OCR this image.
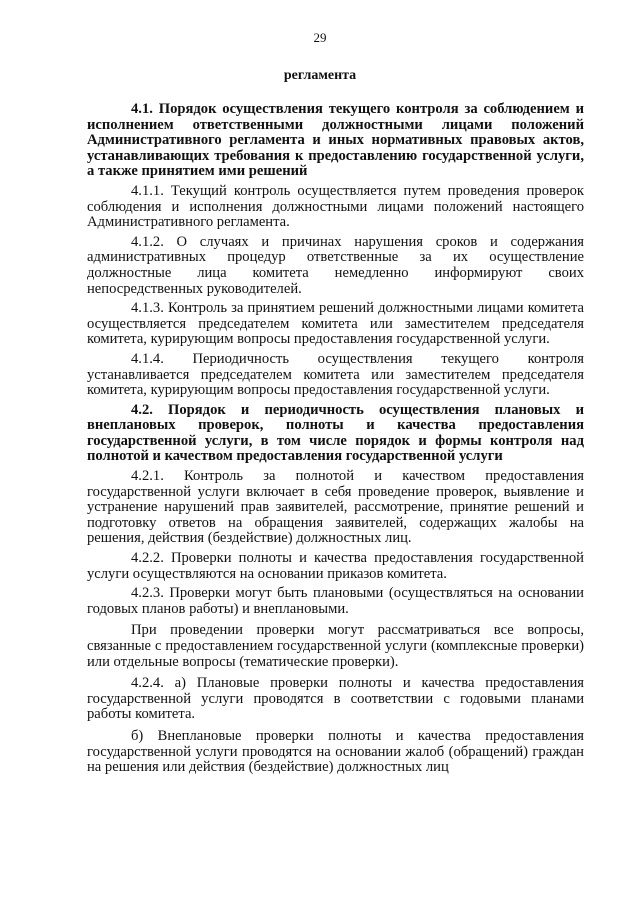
29
регламента

4.1. Порядок осуществления текущего контроля за соблюдением и исполнением ответственными должностными лицами положений Административного регламента и иных нормативных правовых актов, устанавливающих требования к предоставлению государственной услуги, а также принятием ими решений

4.1.1. Текущий контроль осуществляется путем проведения проверок соблюдения и исполнения должностными лицами положений настоящего Административного регламента.

4.1.2. О случаях и причинах нарушения сроков и содержания административных процедур ответственные за их осуществление должностные лица комитета немедленно информируют своих непосредственных руководителей.

4.1.3. Контроль за принятием решений должностными лицами комитета осуществляется председателем комитета или заместителем председателя комитета, курирующим вопросы предоставления государственной услуги.

4.1.4. Периодичность осуществления текущего контроля устанавливается председателем комитета или заместителем председателя комитета, курирующим вопросы предоставления государственной услуги.

4.2. Порядок и периодичность осуществления плановых и внеплановых проверок, полноты и качества предоставления государственной услуги, в том числе порядок и формы контроля над полнотой и качеством предоставления государственной услуги

4.2.1. Контроль за полнотой и качеством предоставления государственной услуги включает в себя проведение проверок, выявление и устранение нарушений прав заявителей, рассмотрение, принятие решений и подготовку ответов на обращения заявителей, содержащих жалобы на решения, действия (бездействие) должностных лиц.

4.2.2. Проверки полноты и качества предоставления государственной услуги осуществляются на основании приказов комитета.

4.2.3. Проверки могут быть плановыми (осуществляться на основании годовых планов работы) и внеплановыми.

При проведении проверки могут рассматриваться все вопросы, связанные с предоставлением государственной услуги (комплексные проверки) или отдельные вопросы (тематические проверки).

4.2.4. а) Плановые проверки полноты и качества предоставления государственной услуги проводятся в соответствии с годовыми планами работы комитета.

б) Внеплановые проверки полноты и качества предоставления государственной услуги проводятся на основании жалоб (обращений) граждан на решения или действия (бездействие) должностных лиц
